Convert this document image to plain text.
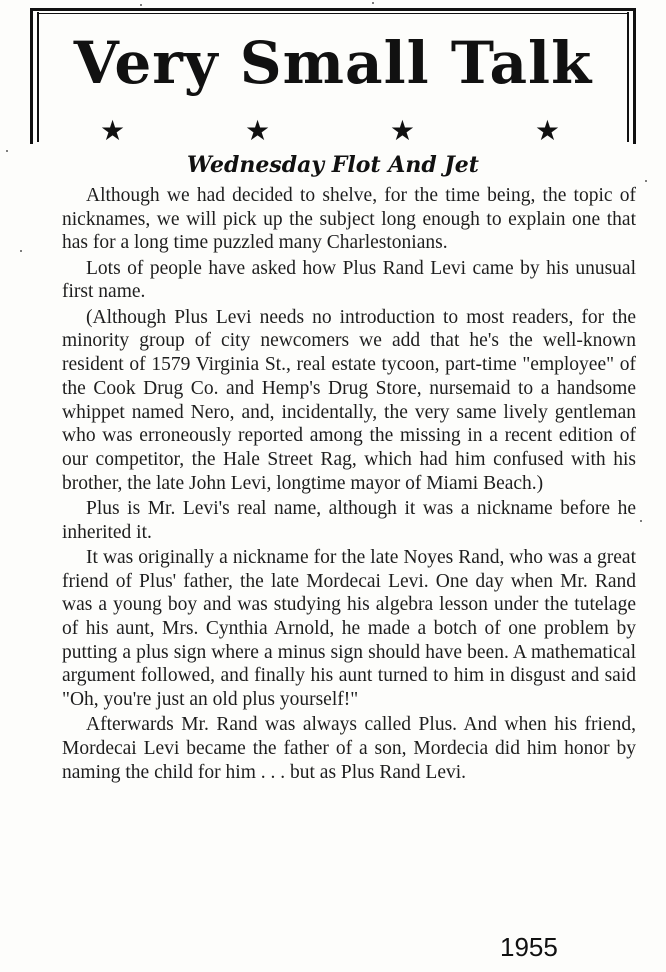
Very Small Talk
★	★	★	★
Wednesday Flot And Jet

Although we had decided to shelve, for the time being, the topic of nicknames, we will pick up the subject long enough to explain one that has for a long time puzzled many Charlestonians.

Lots of people have asked how Plus Rand Levi came by his unusual first name.

(Although Plus Levi needs no introduction to most readers, for the minority group of city newcomers we add that he's the well-known resident of 1579 Virginia St., real estate tycoon, part-time "employee" of the Cook Drug Co. and Hemp's Drug Store, nursemaid to a handsome whippet named Nero, and, incidentally, the very same lively gentleman who was erroneously reported among the missing in a recent edition of our competitor, the Hale Street Rag, which had him confused with his brother, the late John Levi, longtime mayor of Miami Beach.)

Plus is Mr. Levi's real name, although it was a nickname before he inherited it.

It was originally a nickname for the late Noyes Rand, who was a great friend of Plus' father, the late Mordecai Levi. One day when Mr. Rand was a young boy and was studying his algebra lesson under the tutelage of his aunt, Mrs. Cynthia Arnold, he made a botch of one problem by putting a plus sign where a minus sign should have been. A mathematical argument followed, and finally his aunt turned to him in disgust and said "Oh, you're just an old plus yourself!"

Afterwards Mr. Rand was always called Plus. And when his friend, Mordecai Levi became the father of a son, Mordecia did him honor by naming the child for him . . . but as Plus Rand Levi.

1955
